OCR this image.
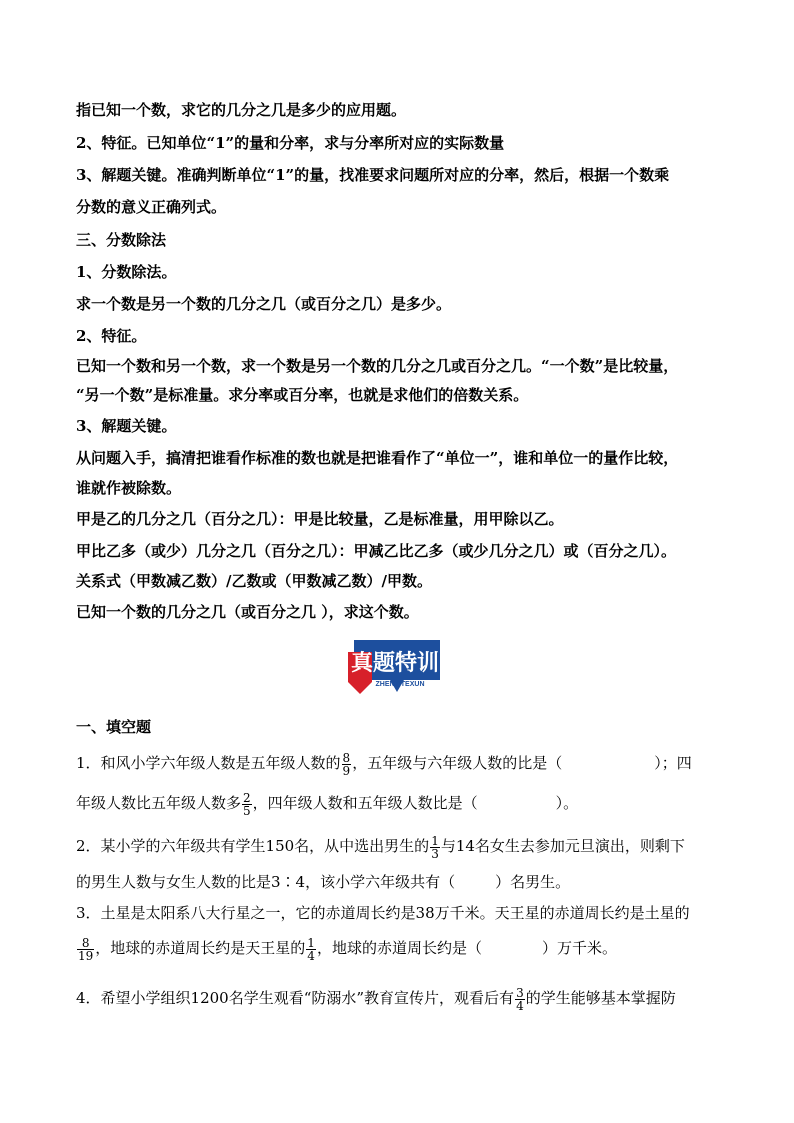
指已知一个数，求它的几分之几是多少的应用题。
2、特征。已知单位“1”的量和分率，求与分率所对应的实际数量
3、解题关键。准确判断单位“1”的量，找准要求问题所对应的分率，然后，根据一个数乘
分数的意义正确列式。
三、分数除法
1、分数除法。
求一个数是另一个数的几分之几（或百分之几）是多少。
2、特征。
已知一个数和另一个数，求一个数是另一个数的几分之几或百分之几。“一个数”是比较量，
“另一个数”是标准量。求分率或百分率，也就是求他们的倍数关系。
3、解题关键。
从问题入手，搞清把谁看作标准的数也就是把谁看作了“单位一”，谁和单位一的量作比较，
谁就作被除数。
甲是乙的几分之几（百分之几）：甲是比较量，乙是标准量，用甲除以乙。
甲比乙多（或少）几分之几（百分之几）：甲减乙比乙多（或少几分之几）或（百分之几）。
关系式（甲数减乙数）/乙数或（甲数减乙数）/甲数。
已知一个数的几分之几（或百分之几 ），求这个数。
真题特训
ZHENTITEXUN
一、填空题
1．和风小学六年级人数是五年级人数的 $\frac{8}{9}$ ，五年级与六年级人数的比是（	）；四
年级人数比五年级人数多 $\frac{2}{5}$ ，四年级人数和五年级人数比是（	）。
2．某小学的六年级共有学生150名，从中选出男生的 $\frac{1}{3}$ 与14名女生去参加元旦演出，则剩下
的男生人数与女生人数的比是3∶4，该小学六年级共有（	）名男生。
3．土星是太阳系八大行星之一，它的赤道周长约是38万千米。天王星的赤道周长约是土星的
$\frac{8}{19}$ ，地球的赤道周长约是天王星的 $\frac{1}{4}$ ，地球的赤道周长约是（	）万千米。
4．希望小学组织1200名学生观看“防溺水”教育宣传片，观看后有 $\frac{3}{4}$ 的学生能够基本掌握防
